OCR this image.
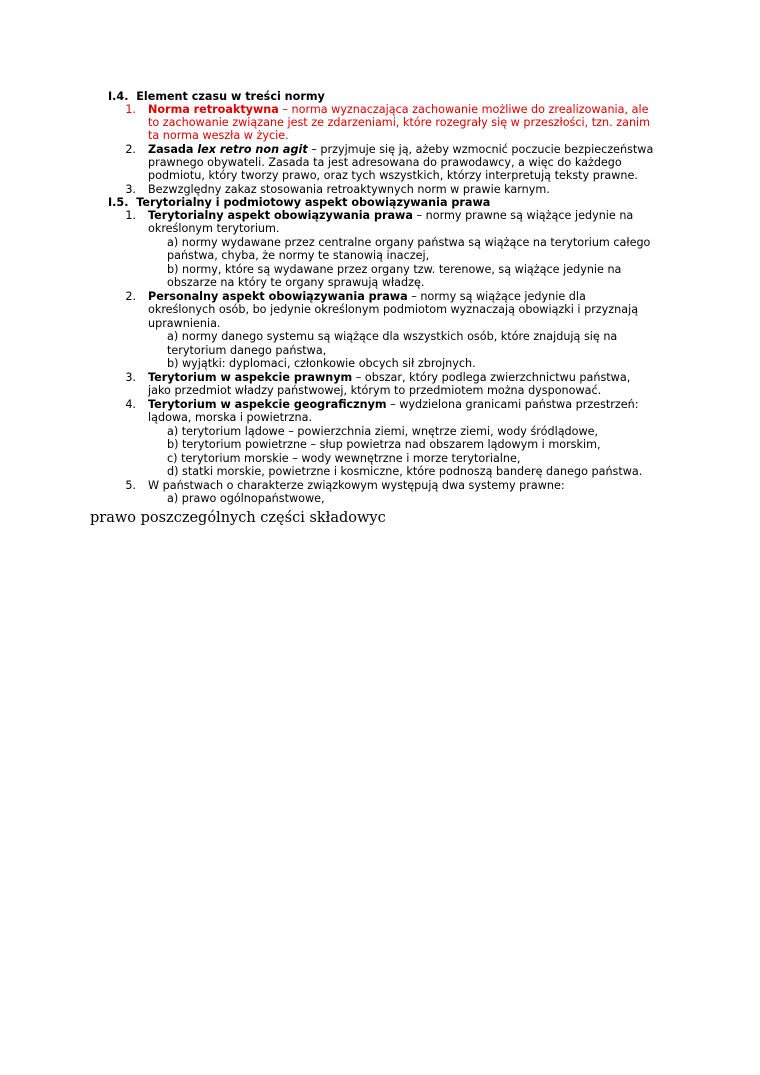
I.4. Element czasu w treści normy
1. Norma retroaktywna – norma wyznaczająca zachowanie możliwe do zrealizowania, ale
to zachowanie związane jest ze zdarzeniami, które rozegrały się w przeszłości, tzn. zanim
ta norma weszła w życie.
2. Zasada lex retro non agit – przyjmuje się ją, ażeby wzmocnić poczucie bezpieczeństwa
prawnego obywateli. Zasada ta jest adresowana do prawodawcy, a więc do każdego
podmiotu, który tworzy prawo, oraz tych wszystkich, którzy interpretują teksty prawne.
3. Bezwzględny zakaz stosowania retroaktywnych norm w prawie karnym.
I.5. Terytorialny i podmiotowy aspekt obowiązywania prawa
1. Terytorialny aspekt obowiązywania prawa – normy prawne są wiążące jedynie na
określonym terytorium.
a) normy wydawane przez centralne organy państwa są wiążące na terytorium całego
państwa, chyba, że normy te stanowią inaczej,
b) normy, które są wydawane przez organy tzw. terenowe, są wiążące jedynie na
obszarze na który te organy sprawują władzę.
2. Personalny aspekt obowiązywania prawa – normy są wiążące jedynie dla
określonych osób, bo jedynie określonym podmiotom wyznaczają obowiązki i przyznają
uprawnienia.
a) normy danego systemu są wiążące dla wszystkich osób, które znajdują się na
terytorium danego państwa,
b) wyjątki: dyplomaci, członkowie obcych sił zbrojnych.
3. Terytorium w aspekcie prawnym – obszar, który podlega zwierzchnictwu państwa,
jako przedmiot władzy państwowej, którym to przedmiotem można dysponować.
4. Terytorium w aspekcie geograficznym – wydzielona granicami państwa przestrzeń:
lądowa, morska i powietrzna.
a) terytorium lądowe – powierzchnia ziemi, wnętrze ziemi, wody śródlądowe,
b) terytorium powietrzne – słup powietrza nad obszarem lądowym i morskim,
c) terytorium morskie – wody wewnętrzne i morze terytorialne,
d) statki morskie, powietrzne i kosmiczne, które podnoszą banderę danego państwa.
5. W państwach o charakterze związkowym występują dwa systemy prawne:
a) prawo ogólnopaństwowe,
prawo poszczególnych części składowyc
